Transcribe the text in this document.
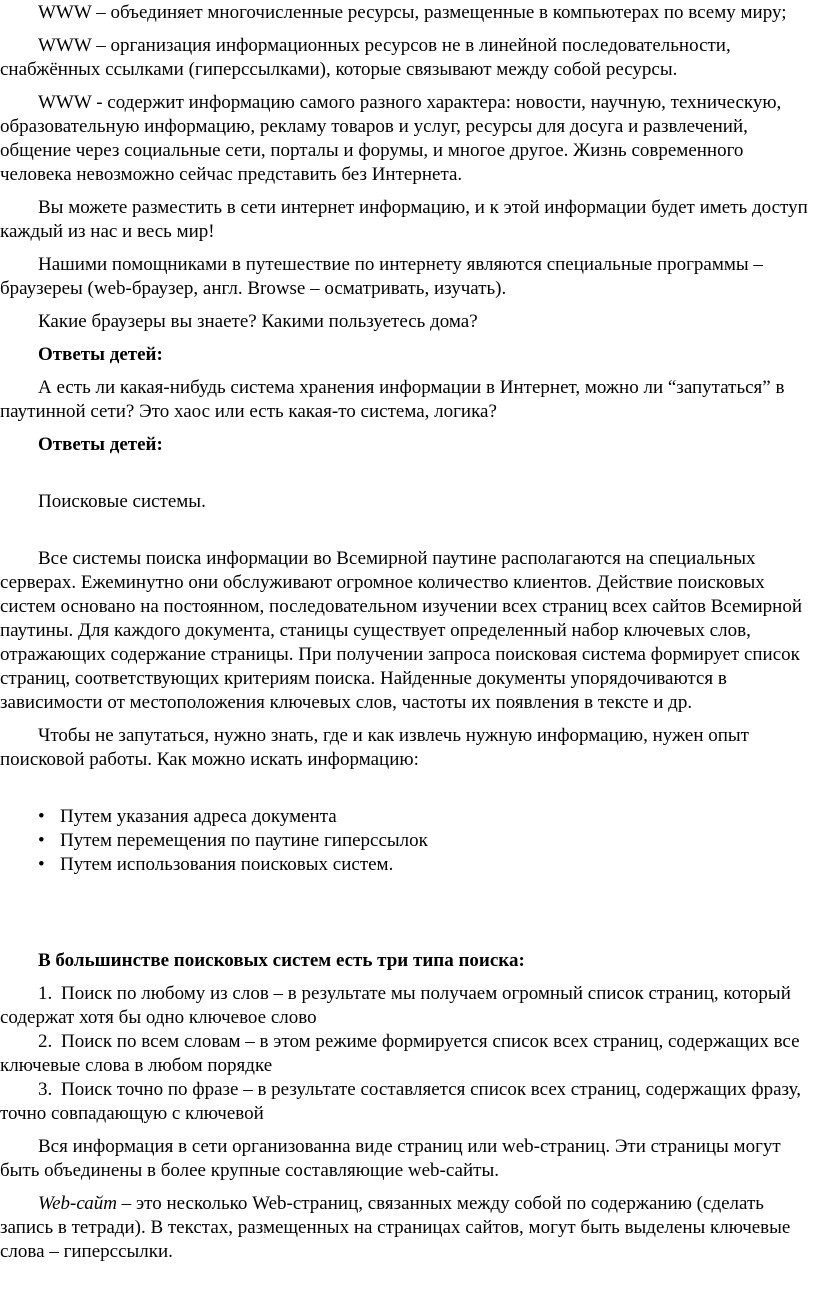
WWW – объединяет многочисленные ресурсы, размещенные в компьютерах по всему миру;

WWW – организация информационных ресурсов не в линейной последовательности, снабжённых ссылками (гиперссылками), которые связывают между собой ресурсы.

WWW - содержит информацию самого разного характера: новости, научную, техническую, образовательную информацию, рекламу товаров и услуг, ресурсы для досуга и развлечений, общение через социальные сети, порталы и форумы, и многое другое. Жизнь современного человека невозможно сейчас представить без Интернета.

Вы можете разместить в сети интернет информацию, и к этой информации будет иметь доступ каждый из нас и весь мир!

Нашими помощниками в путешествие по интернету являются специальные программы – браузереы (web-браузер, англ. Browse – осматривать, изучать).

Какие браузеры вы знаете? Какими пользуетесь дома?

Ответы детей:

А есть ли какая-нибудь система хранения информации в Интернет, можно ли “запутаться” в паутинной сети? Это хаос или есть какая-то система, логика?

Ответы детей:

Поисковые системы.

Все системы поиска информации во Всемирной паутине располагаются на специальных серверах. Ежеминутно они обслуживают огромное количество клиентов. Действие поисковых систем основано на постоянном, последовательном изучении всех страниц всех сайтов Всемирной паутины. Для каждого документа, станицы существует определенный набор ключевых слов, отражающих содержание страницы. При получении запроса поисковая система формирует список страниц, соответствующих критериям поиска. Найденные документы упорядочиваются в зависимости от местоположения ключевых слов, частоты их появления в тексте и др.

Чтобы не запутаться, нужно знать, где и как извлечь нужную информацию, нужен опыт поисковой работы. Как можно искать информацию:

• Путем указания адреса документа
• Путем перемещения по паутине гиперссылок
• Путем использования поисковых систем.

В большинстве поисковых систем есть три типа поиска:

1. Поиск по любому из слов – в результате мы получаем огромный список страниц, который содержат хотя бы одно ключевое слово
2. Поиск по всем словам – в этом режиме формируется список всех страниц, содержащих все ключевые слова в любом порядке
3. Поиск точно по фразе – в результате составляется список всех страниц, содержащих фразу, точно совпадающую с ключевой

Вся информация в сети организованна виде страниц или web-страниц. Эти страницы могут быть объединены в более крупные составляющие web-сайты.

Web-сайт – это несколько Web-страниц, связанных между собой по содержанию (сделать запись в тетради). В текстах, размещенных на страницах сайтов, могут быть выделены ключевые слова – гиперссылки.
